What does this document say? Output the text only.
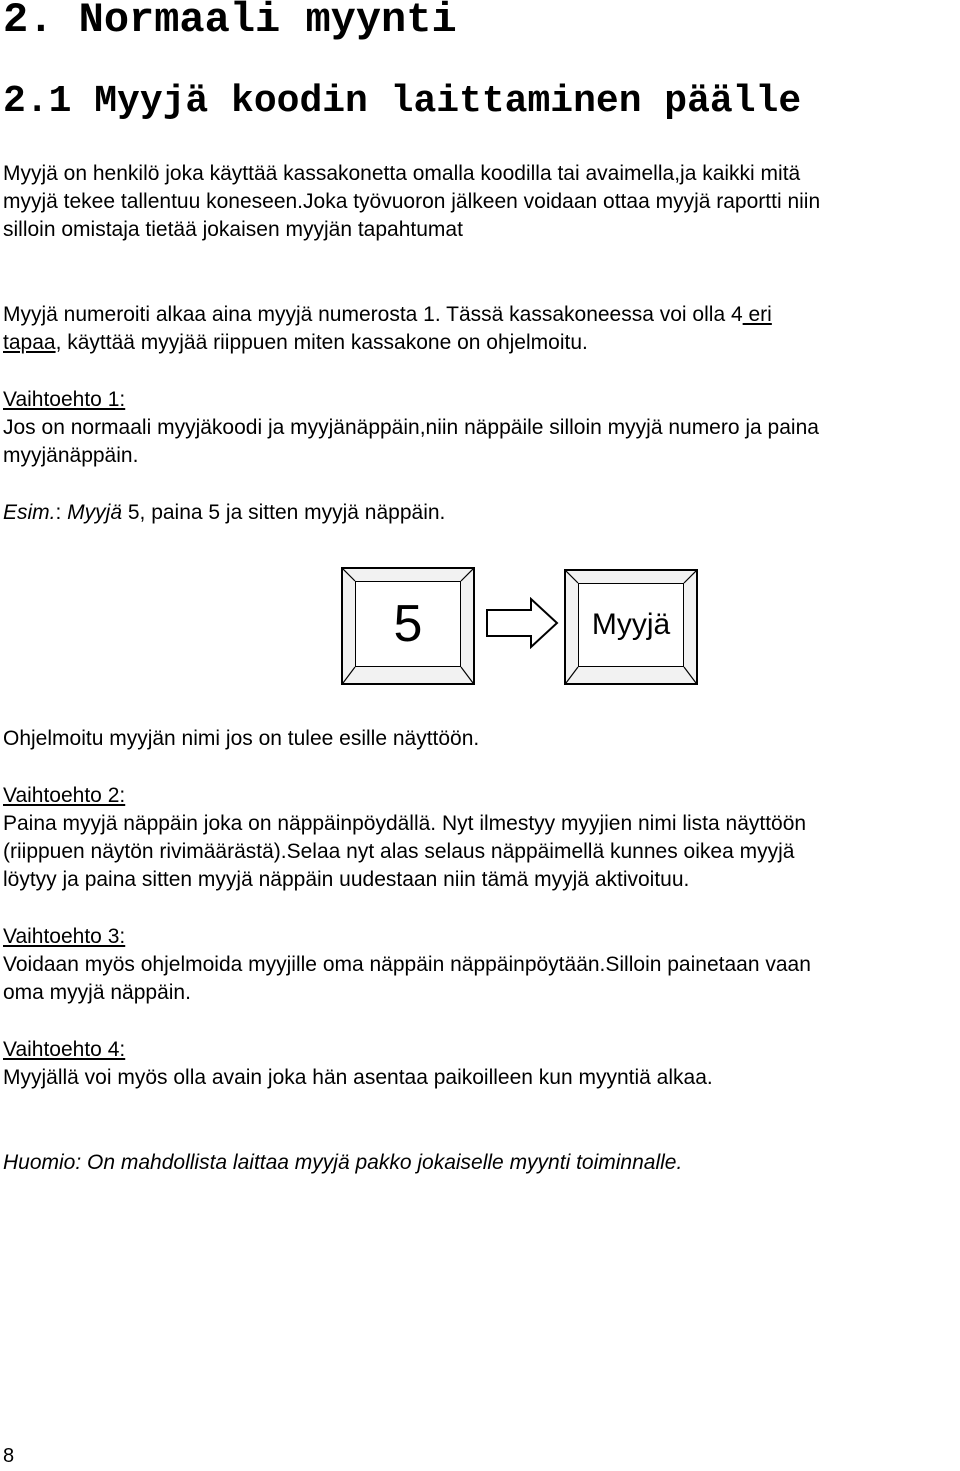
2. Normaali myynti
2.1 Myyjä koodin laittaminen päälle
Myyjä on henkilö joka käyttää kassakonetta omalla koodilla tai avaimella,ja kaikki mitä
myyjä tekee tallentuu koneseen.Joka työvuoron jälkeen voidaan ottaa myyjä raportti niin
silloin omistaja tietää jokaisen myyjän tapahtumat
Myyjä numeroiti alkaa aina myyjä numerosta 1. Tässä kassakoneessa voi olla 4 eri
tapaa, käyttää myyjää riippuen miten kassakone on ohjelmoitu.
Vaihtoehto 1:
Jos on normaali myyjäkoodi ja myyjänäppäin,niin näppäile silloin myyjä numero ja paina
myyjänäppäin.
Esim.: Myyjä 5, paina 5 ja sitten myyjä näppäin.
5	Myyjä
Ohjelmoitu myyjän nimi jos on tulee esille näyttöön.
Vaihtoehto 2:
Paina myyjä näppäin joka on näppäinpöydällä. Nyt ilmestyy myyjien nimi lista näyttöön
(riippuen näytön rivimäärästä).Selaa nyt alas selaus näppäimellä kunnes oikea myyjä
löytyy ja paina sitten myyjä näppäin uudestaan niin tämä myyjä aktivoituu.
Vaihtoehto 3:
Voidaan myös ohjelmoida myyjille oma näppäin näppäinpöytään.Silloin painetaan vaan
oma myyjä näppäin.
Vaihtoehto 4:
Myyjällä voi myös olla avain joka hän asentaa paikoilleen kun myyntiä alkaa.
Huomio: On mahdollista laittaa myyjä pakko jokaiselle myynti toiminnalle.
8
